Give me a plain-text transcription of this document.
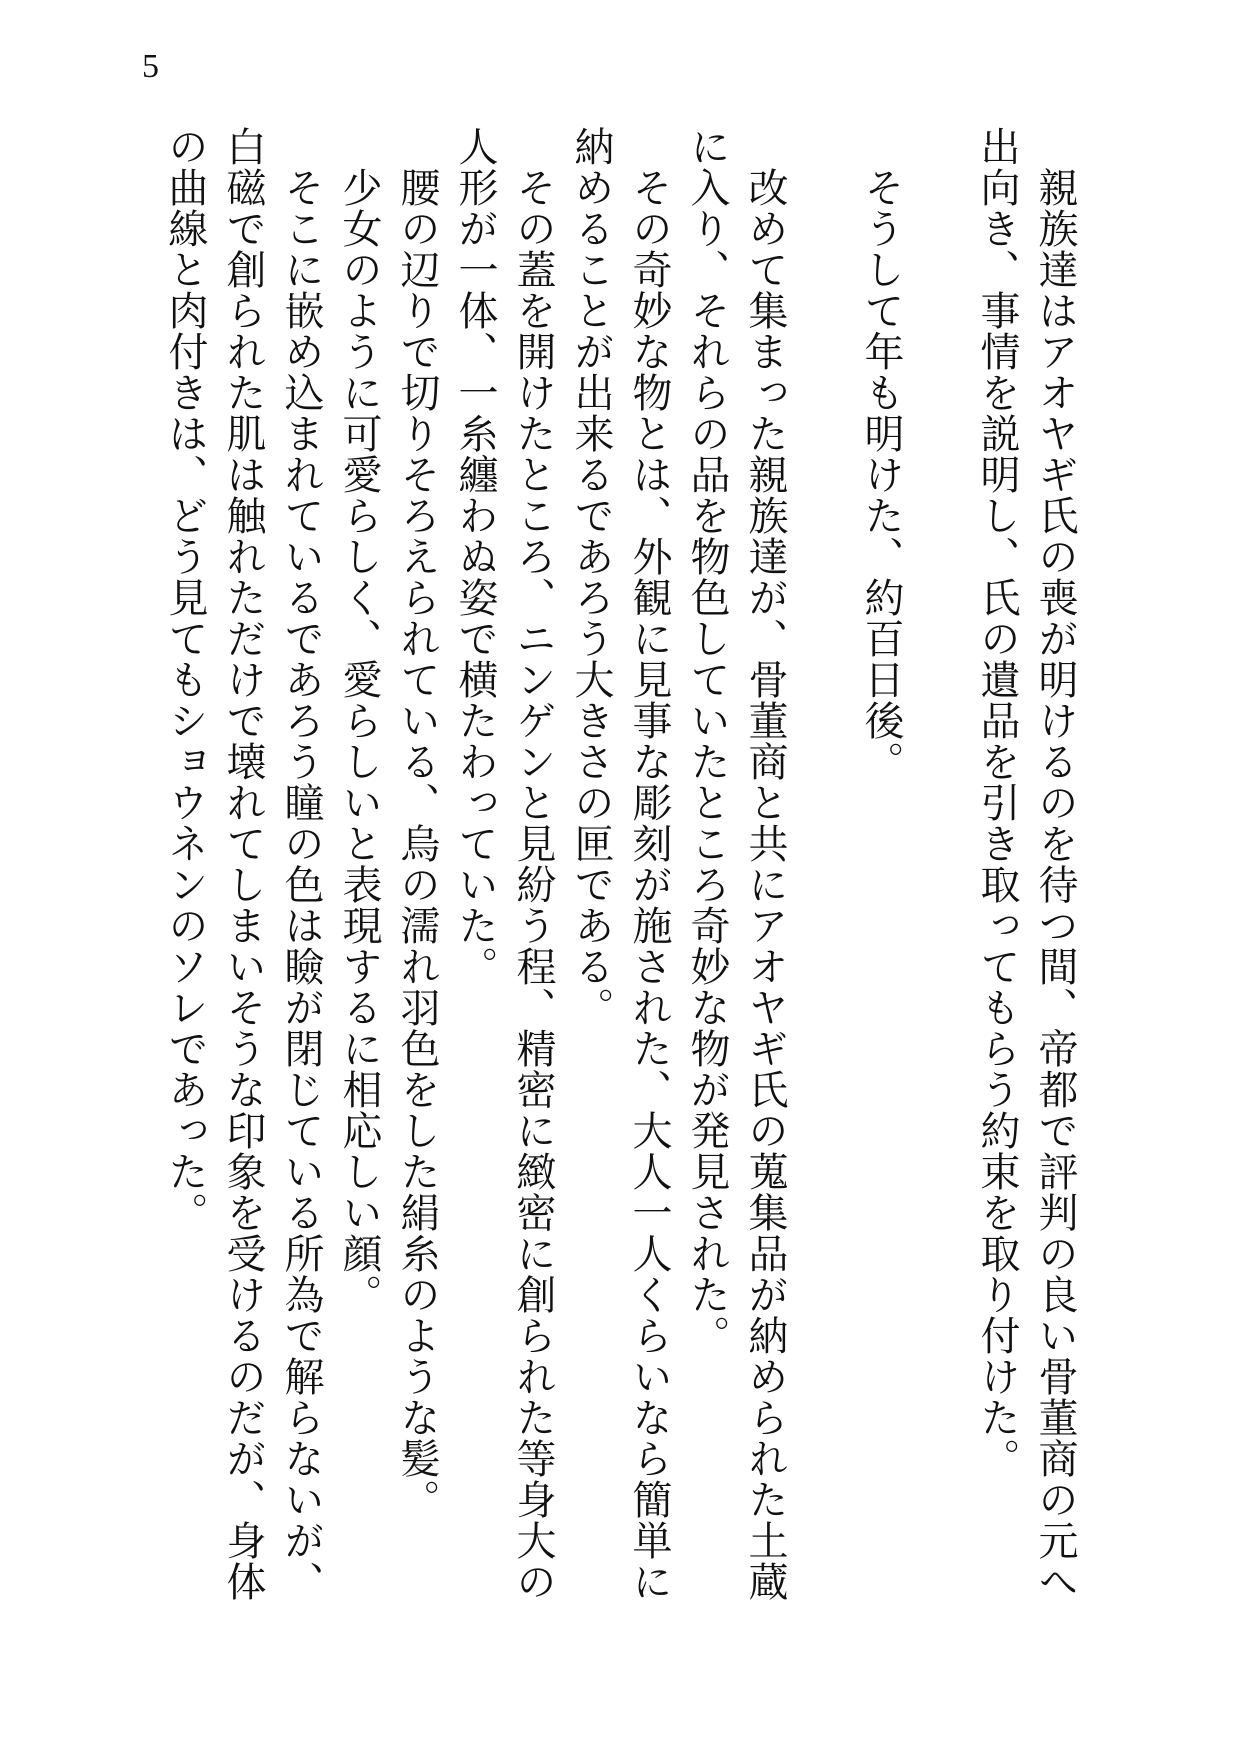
5

親族達はアオヤギ氏の喪が明けるのを待つ間、帝都で評判の良い骨董商の元へ

出向き、事情を説明し、氏の遺品を引き取ってもらう約束を取り付けた。

そうして年も明けた、約百日後。

改めて集まった親族達が、骨董商と共にアオヤギ氏の蒐集品が納められた土蔵

に入り、それらの品を物色していたところ奇妙な物が発見された。

その奇妙な物とは、外観に見事な彫刻が施された、大人一人くらいなら簡単に

納めることが出来るであろう大きさの匣である。

その蓋を開けたところ、ニンゲンと見紛う程、精密に緻密に創られた等身大の

人形が一体、一糸纏わぬ姿で横たわっていた。

腰の辺りで切りそろえられている、烏の濡れ羽色をした絹糸のような髪。

少女のように可愛らしく、愛らしいと表現するに相応しい顔。

そこに嵌め込まれているであろう瞳の色は瞼が閉じている所為で解らないが、

白磁で創られた肌は触れただけで壊れてしまいそうな印象を受けるのだが、身体

の曲線と肉付きは、どう見てもショウネンのソレであった。
